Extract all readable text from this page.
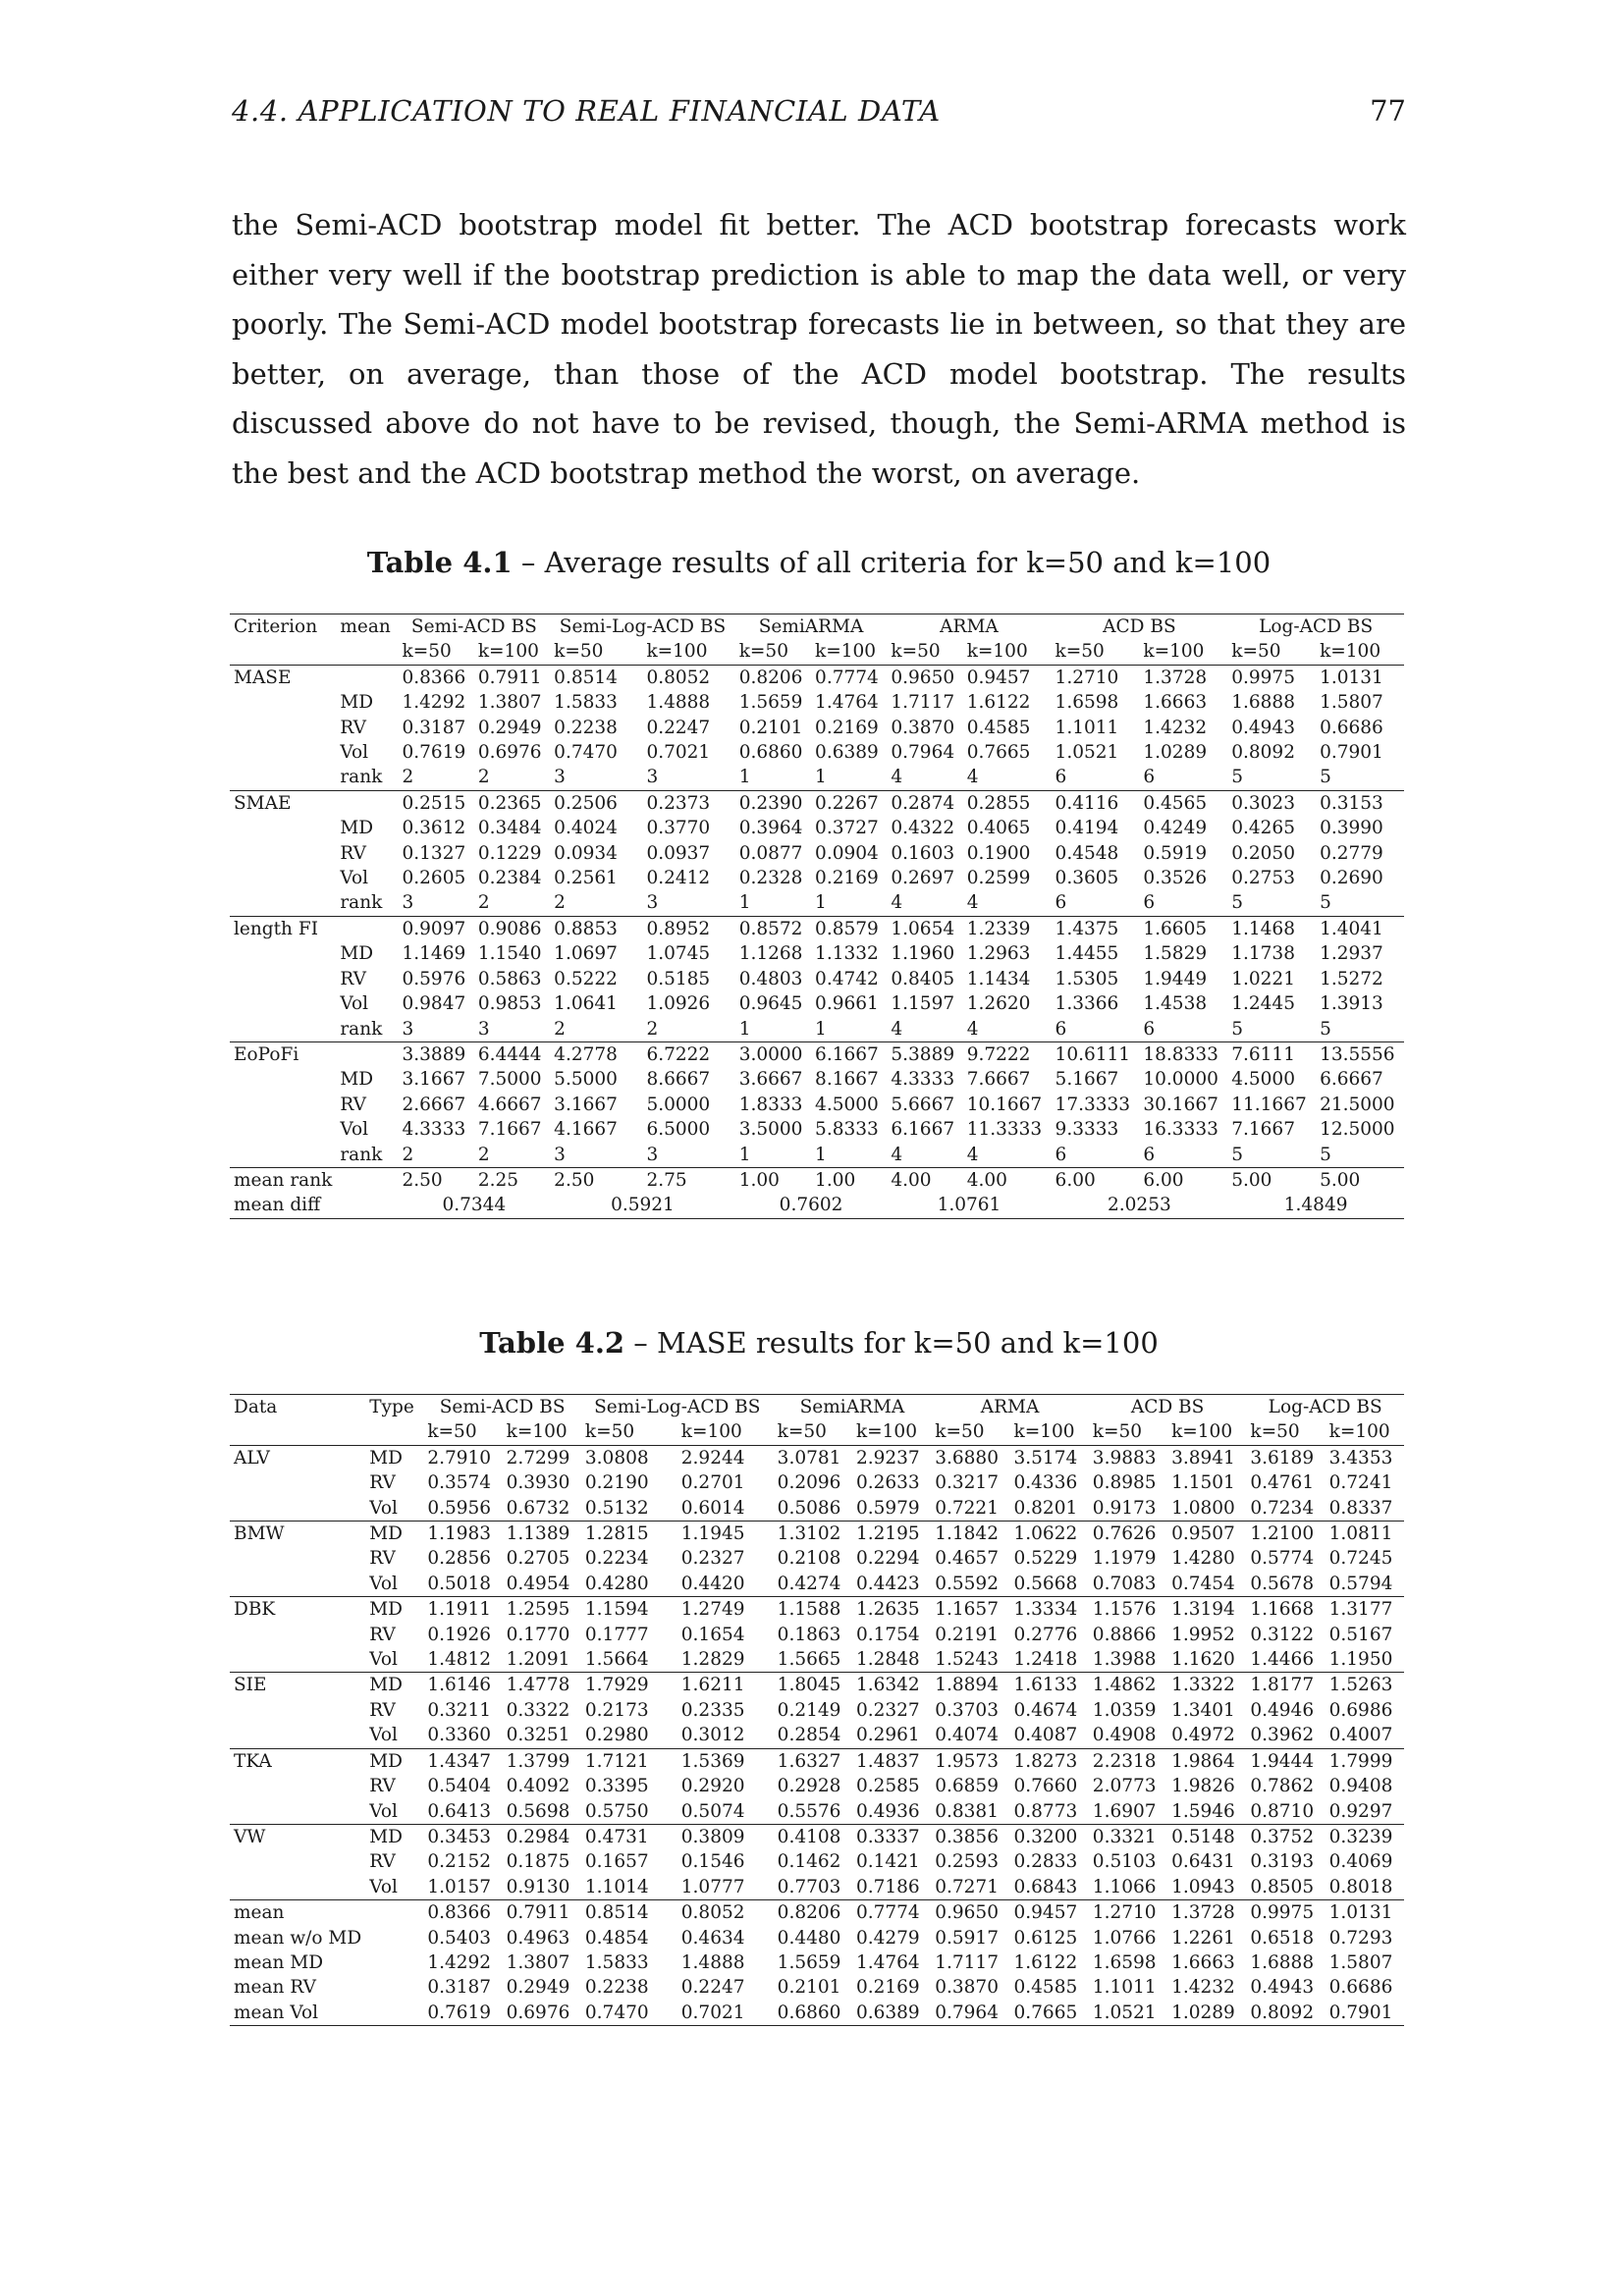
4.4. APPLICATION TO REAL FINANCIAL DATA	77

the Semi-ACD bootstrap model fit better. The ACD bootstrap forecasts work either very well if the bootstrap prediction is able to map the data well, or very poorly. The Semi-ACD model bootstrap forecasts lie in between, so that they are better, on average, than those of the ACD model bootstrap. The results discussed above do not have to be revised, though, the Semi-ARMA method is the best and the ACD bootstrap method the worst, on average.

Table 4.1 – Average results of all criteria for k=50 and k=100
Criterion	mean	Semi-ACD BS		Semi-Log-ACD BS		SemiARMA		ARMA		ACD BS		Log-ACD BS	
		k=50	k=100	k=50	k=100	k=50	k=100	k=50	k=100	k=50	k=100	k=50	k=100
MASE		0.8366	0.7911	0.8514	0.8052	0.8206	0.7774	0.9650	0.9457	1.2710	1.3728	0.9975	1.0131
	MD	1.4292	1.3807	1.5833	1.4888	1.5659	1.4764	1.7117	1.6122	1.6598	1.6663	1.6888	1.5807
	RV	0.3187	0.2949	0.2238	0.2247	0.2101	0.2169	0.3870	0.4585	1.1011	1.4232	0.4943	0.6686
	Vol	0.7619	0.6976	0.7470	0.7021	0.6860	0.6389	0.7964	0.7665	1.0521	1.0289	0.8092	0.7901
	rank	2	2	3	3	1	1	4	4	6	6	5	5
SMAE		0.2515	0.2365	0.2506	0.2373	0.2390	0.2267	0.2874	0.2855	0.4116	0.4565	0.3023	0.3153
	MD	0.3612	0.3484	0.4024	0.3770	0.3964	0.3727	0.4322	0.4065	0.4194	0.4249	0.4265	0.3990
	RV	0.1327	0.1229	0.0934	0.0937	0.0877	0.0904	0.1603	0.1900	0.4548	0.5919	0.2050	0.2779
	Vol	0.2605	0.2384	0.2561	0.2412	0.2328	0.2169	0.2697	0.2599	0.3605	0.3526	0.2753	0.2690
	rank	3	2	2	3	1	1	4	4	6	6	5	5
length FI		0.9097	0.9086	0.8853	0.8952	0.8572	0.8579	1.0654	1.2339	1.4375	1.6605	1.1468	1.4041
	MD	1.1469	1.1540	1.0697	1.0745	1.1268	1.1332	1.1960	1.2963	1.4455	1.5829	1.1738	1.2937
	RV	0.5976	0.5863	0.5222	0.5185	0.4803	0.4742	0.8405	1.1434	1.5305	1.9449	1.0221	1.5272
	Vol	0.9847	0.9853	1.0641	1.0926	0.9645	0.9661	1.1597	1.2620	1.3366	1.4538	1.2445	1.3913
	rank	3	3	2	2	1	1	4	4	6	6	5	5
EoPoFi		3.3889	6.4444	4.2778	6.7222	3.0000	6.1667	5.3889	9.7222	10.6111	18.8333	7.6111	13.5556
	MD	3.1667	7.5000	5.5000	8.6667	3.6667	8.1667	4.3333	7.6667	5.1667	10.0000	4.5000	6.6667
	RV	2.6667	4.6667	3.1667	5.0000	1.8333	4.5000	5.6667	10.1667	17.3333	30.1667	11.1667	21.5000
	Vol	4.3333	7.1667	4.1667	6.5000	3.5000	5.8333	6.1667	11.3333	9.3333	16.3333	7.1667	12.5000
	rank	2	2	3	3	1	1	4	4	6	6	5	5
mean rank		2.50	2.25	2.50	2.75	1.00	1.00	4.00	4.00	6.00	6.00	5.00	5.00
mean diff		0.7344		0.5921		0.7602		1.0761		2.0253		1.4849	
Table 4.2 – MASE results for k=50 and k=100
Data	Type	Semi-ACD BS		Semi-Log-ACD BS		SemiARMA		ARMA		ACD BS		Log-ACD BS	
		k=50	k=100	k=50	k=100	k=50	k=100	k=50	k=100	k=50	k=100	k=50	k=100
ALV	MD	2.7910	2.7299	3.0808	2.9244	3.0781	2.9237	3.6880	3.5174	3.9883	3.8941	3.6189	3.4353
	RV	0.3574	0.3930	0.2190	0.2701	0.2096	0.2633	0.3217	0.4336	0.8985	1.1501	0.4761	0.7241
	Vol	0.5956	0.6732	0.5132	0.6014	0.5086	0.5979	0.7221	0.8201	0.9173	1.0800	0.7234	0.8337
BMW	MD	1.1983	1.1389	1.2815	1.1945	1.3102	1.2195	1.1842	1.0622	0.7626	0.9507	1.2100	1.0811
	RV	0.2856	0.2705	0.2234	0.2327	0.2108	0.2294	0.4657	0.5229	1.1979	1.4280	0.5774	0.7245
	Vol	0.5018	0.4954	0.4280	0.4420	0.4274	0.4423	0.5592	0.5668	0.7083	0.7454	0.5678	0.5794
DBK	MD	1.1911	1.2595	1.1594	1.2749	1.1588	1.2635	1.1657	1.3334	1.1576	1.3194	1.1668	1.3177
	RV	0.1926	0.1770	0.1777	0.1654	0.1863	0.1754	0.2191	0.2776	0.8866	1.9952	0.3122	0.5167
	Vol	1.4812	1.2091	1.5664	1.2829	1.5665	1.2848	1.5243	1.2418	1.3988	1.1620	1.4466	1.1950
SIE	MD	1.6146	1.4778	1.7929	1.6211	1.8045	1.6342	1.8894	1.6133	1.4862	1.3322	1.8177	1.5263
	RV	0.3211	0.3322	0.2173	0.2335	0.2149	0.2327	0.3703	0.4674	1.0359	1.3401	0.4946	0.6986
	Vol	0.3360	0.3251	0.2980	0.3012	0.2854	0.2961	0.4074	0.4087	0.4908	0.4972	0.3962	0.4007
TKA	MD	1.4347	1.3799	1.7121	1.5369	1.6327	1.4837	1.9573	1.8273	2.2318	1.9864	1.9444	1.7999
	RV	0.5404	0.4092	0.3395	0.2920	0.2928	0.2585	0.6859	0.7660	2.0773	1.9826	0.7862	0.9408
	Vol	0.6413	0.5698	0.5750	0.5074	0.5576	0.4936	0.8381	0.8773	1.6907	1.5946	0.8710	0.9297
VW	MD	0.3453	0.2984	0.4731	0.3809	0.4108	0.3337	0.3856	0.3200	0.3321	0.5148	0.3752	0.3239
	RV	0.2152	0.1875	0.1657	0.1546	0.1462	0.1421	0.2593	0.2833	0.5103	0.6431	0.3193	0.4069
	Vol	1.0157	0.9130	1.1014	1.0777	0.7703	0.7186	0.7271	0.6843	1.1066	1.0943	0.8505	0.8018
mean		0.8366	0.7911	0.8514	0.8052	0.8206	0.7774	0.9650	0.9457	1.2710	1.3728	0.9975	1.0131
mean w/o MD		0.5403	0.4963	0.4854	0.4634	0.4480	0.4279	0.5917	0.6125	1.0766	1.2261	0.6518	0.7293
mean MD		1.4292	1.3807	1.5833	1.4888	1.5659	1.4764	1.7117	1.6122	1.6598	1.6663	1.6888	1.5807
mean RV		0.3187	0.2949	0.2238	0.2247	0.2101	0.2169	0.3870	0.4585	1.1011	1.4232	0.4943	0.6686
mean Vol		0.7619	0.6976	0.7470	0.7021	0.6860	0.6389	0.7964	0.7665	1.0521	1.0289	0.8092	0.7901
